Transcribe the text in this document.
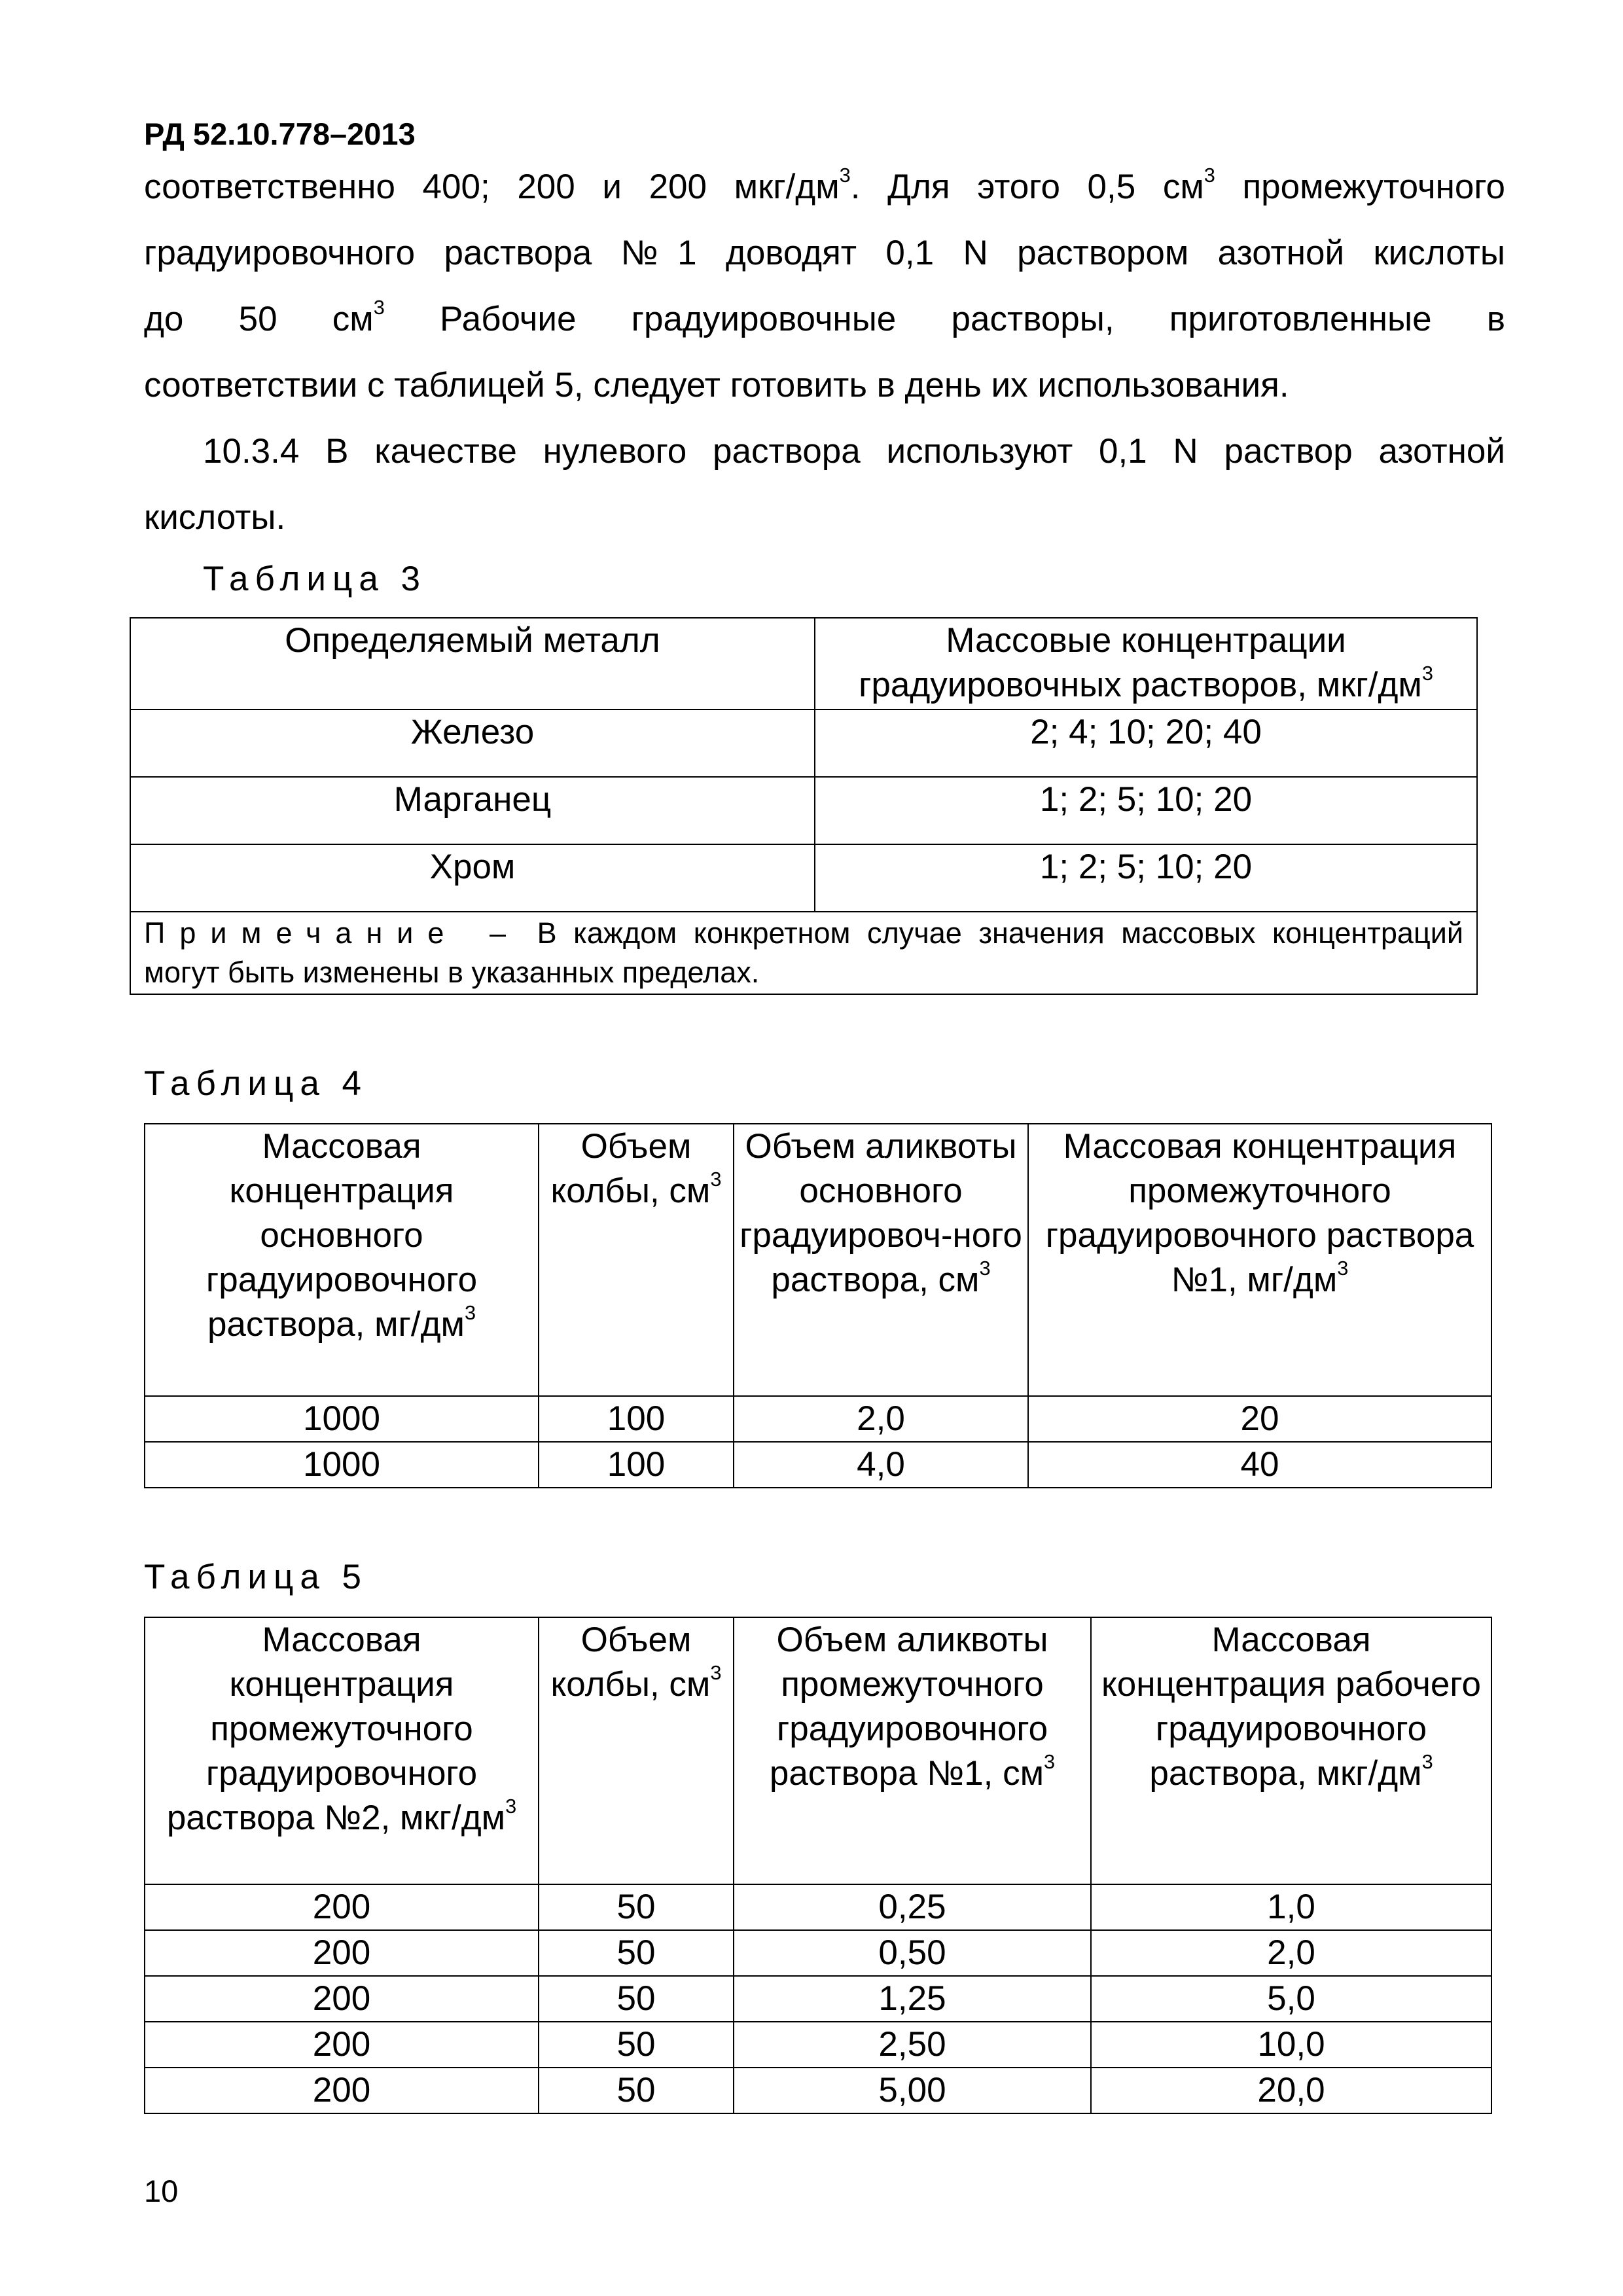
РД 52.10.778–2013

соответственно 400; 200 и 200 мкг/$дм^3$. Для этого 0,5 $см^3$ промежуточного

градуировочного раствора №1 доводят 0,1 N раствором азотной кислоты

до 50 $см^3$ Рабочие градуировочные растворы, приготовленные в

соответствии с таблицей 5, следует готовить в день их использования.

10.3.4 В качестве нулевого раствора используют 0,1 N раствор азотной кислоты.

Таблица 3

Определяемый металл	Массовые концентрации
градуировочных растворов, мкг/$дм^3$
Железо	2; 4; 10; 20; 40
Марганец	1; 2; 5; 10; 20
Хром	1; 2; 5; 10; 20
Примечание – В каждом конкретном случае значения массовых концентраций могут быть изменены в указанных пределах.	

Таблица 4

Массовая концентрация основного градуировочного раствора, $мг/дм^3$	Объем колбы, $см^3$	Объем аликвоты основного градуировоч-ного раствора, $см^3$	Массовая концентрация промежуточного градуировочного раствора №1, $мг/дм^3$
1000	100	2,0	20
1000	100	4,0	40

Таблица 5

Массовая концентрация промежуточного градуировочного раствора №2, мкг/$дм^3$	Объем колбы, $см^3$	Объем аликвоты промежуточного градуировочного раствора №1, $см^3$	Массовая концентрация рабочего градуировочного раствора, мкг/$дм^3$
200	50	0,25	1,0
200	50	0,50	2,0
200	50	1,25	5,0
200	50	2,50	10,0
200	50	5,00	20,0
10
